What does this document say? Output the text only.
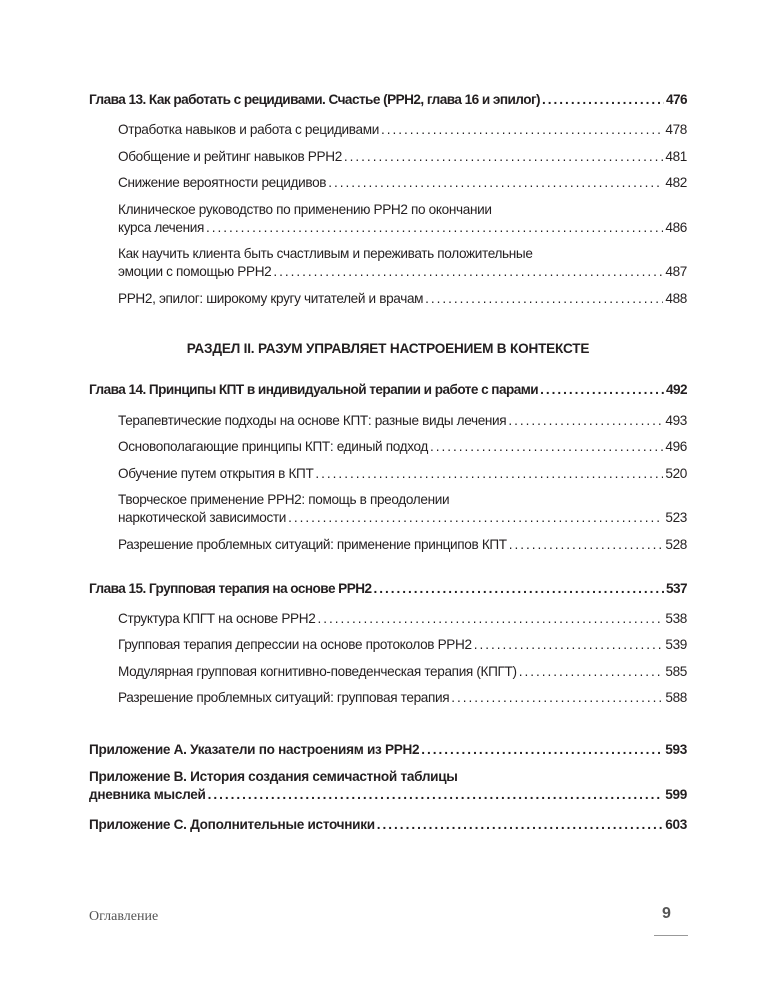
Глава 13. Как работать с рецидивами. Счастье (РРН2, глава 16 и эпилог) . . .	476
Отработка навыков и работа с рецидивами . . .	478
Обобщение и рейтинг навыков РРН2 . . .	481
Снижение вероятности рецидивов . . .	482
Клиническое руководство по применению РРН2 по окончании
курса лечения . . .	486
Как научить клиента быть счастливым и переживать положительные
эмоции с помощью РРН2 . . .	487
РРН2, эпилог: широкому кругу читателей и врачам . . .	488
РАЗДЕЛ II. РАЗУМ УПРАВЛЯЕТ НАСТРОЕНИЕМ В КОНТЕКСТЕ
Глава 14. Принципы КПТ в индивидуальной терапии и работе с парами . . .	492
Терапевтические подходы на основе КПТ: разные виды лечения . . .	493
Основополагающие принципы КПТ: единый подход . . .	496
Обучение путем открытия в КПТ . . .	520
Творческое применение РРН2: помощь в преодолении
наркотической зависимости . . .	523
Разрешение проблемных ситуаций: применение принципов КПТ . . .	528
Глава 15. Групповая терапия на основе РРН2 . . .	537
Структура КПГТ на основе РРН2 . . .	538
Групповая терапия депрессии на основе протоколов РРН2 . . .	539
Модулярная групповая когнитивно-поведенческая терапия (КПГТ) . . .	585
Разрешение проблемных ситуаций: групповая терапия . . .	588
Приложение A. Указатели по настроениям из РРН2 . . .	593
Приложение B. История создания семичастной таблицы
дневника мыслей . . .	599
Приложение C. Дополнительные источники . . .	603
Оглавление	9
